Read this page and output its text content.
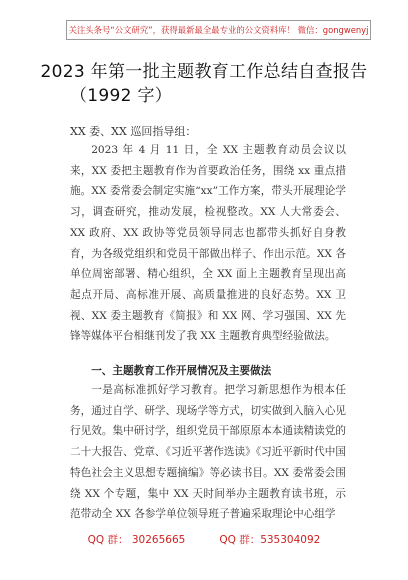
关注头条号“公文研究”，获得最新最全最专业的公文资料库！ 微信：gongwenyj
2023 年第一批主题教育工作总结自查报告
（1992 字）
XX 委、XX 巡回指导组：

2023 年 4 月 11 日，全 XX 主题教育动员会议以来，XX 委把主题教育作为首要政治任务，围绕 xx 重点措施。XX 委常委会制定实施“xx”工作方案，带头开展理论学习，调查研究，推动发展，检视整改。XX 人大常委会、XX 政府、XX 政协等党员领导同志也都带头抓好自身教育，为各级党组织和党员干部做出样子、作出示范。XX 各单位周密部署、精心组织，全 XX 面上主题教育呈现出高起点开局、高标准开展、高质量推进的良好态势。XX 卫视、XX 委主题教育《简报》和 XX 网、学习强国、XX 先锋等媒体平台相继刊发了我 XX 主题教育典型经验做法。

一、主题教育工作开展情况及主要做法

一是高标准抓好学习教育。把学习新思想作为根本任务，通过自学、研学、现场学等方式，切实做到入脑入心见行见效。集中研讨学，组织党员干部原原本本通读精读党的二十大报告、党章、《习近平著作选读》《习近平新时代中国特色社会主义思想专题摘编》等必读书目。XX 委常委会围绕 XX 个专题，集中 XX 天时间举办主题教育读书班，示范带动全 XX 各参学单位领导班子普遍采取理论中心组学

QQ 群： 30265665	QQ 群：535304092
